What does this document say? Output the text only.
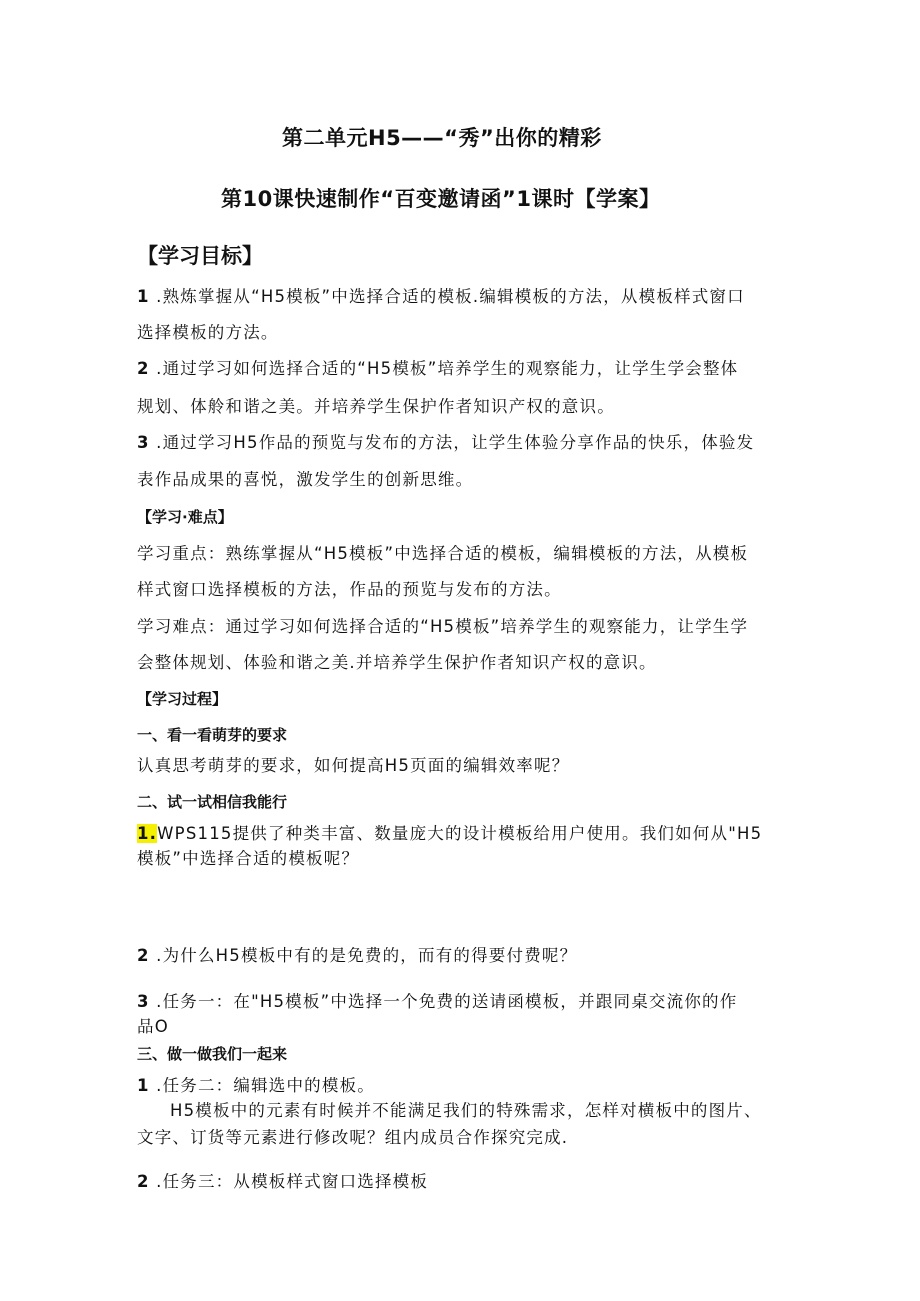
第二单元H5——“秀”出你的精彩
第10课快速制作“百变邀请函”1课时【学案】
【学习目标】
1 .熟炼掌握从“H5模板”中选择合适的模板.编辑模板的方法，从模板样式窗口
选择模板的方法。
2 .通过学习如何选择合适的“H5模板”培养学生的观察能力，让学生学会整体
规划、体舲和谐之美。并培养学生保护作者知识产权的意识。
3 .通过学习H5作品的预览与发布的方法，让学生体验分享作品的快乐，体验发
表作品成果的喜悦，激发学生的创新思维。
【学习∙难点】
学习重点：熟练掌握从“H5模板”中选择合适的模板，编辑模板的方法，从模板
样式窗口选择模板的方法，作品的预览与发布的方法。
学习难点：通过学习如何选择合适的“H5模板”培养学生的观察能力，让学生学
会整体规划、体验和谐之美.并培养学生保护作者知识产权的意识。
【学习过程】
一、看一看萌芽的要求
认真思考萌芽的要求，如何提高H5页面的编辑效率呢？
二、试一试相信我能行
1.WPS115提供了种类丰富、数量庞大的设计模板给用户使用。我们如何从"H5
模板”中选择合适的模板呢？
2 .为什么H5模板中有的是免费的，而有的得要付费呢？
3 .任务一：在"H5模板”中选择一个免费的送请函模板，并跟同桌交流你的作
品O
三、做一做我们一起来
1 .任务二：编辑选中的模板。
H5模板中的元素有时候并不能满足我们的特殊需求，怎样对横板中的图片、
文字、订货等元素进行修改呢？组内成员合作探究完成.
2 .任务三：从模板样式窗口选择模板
